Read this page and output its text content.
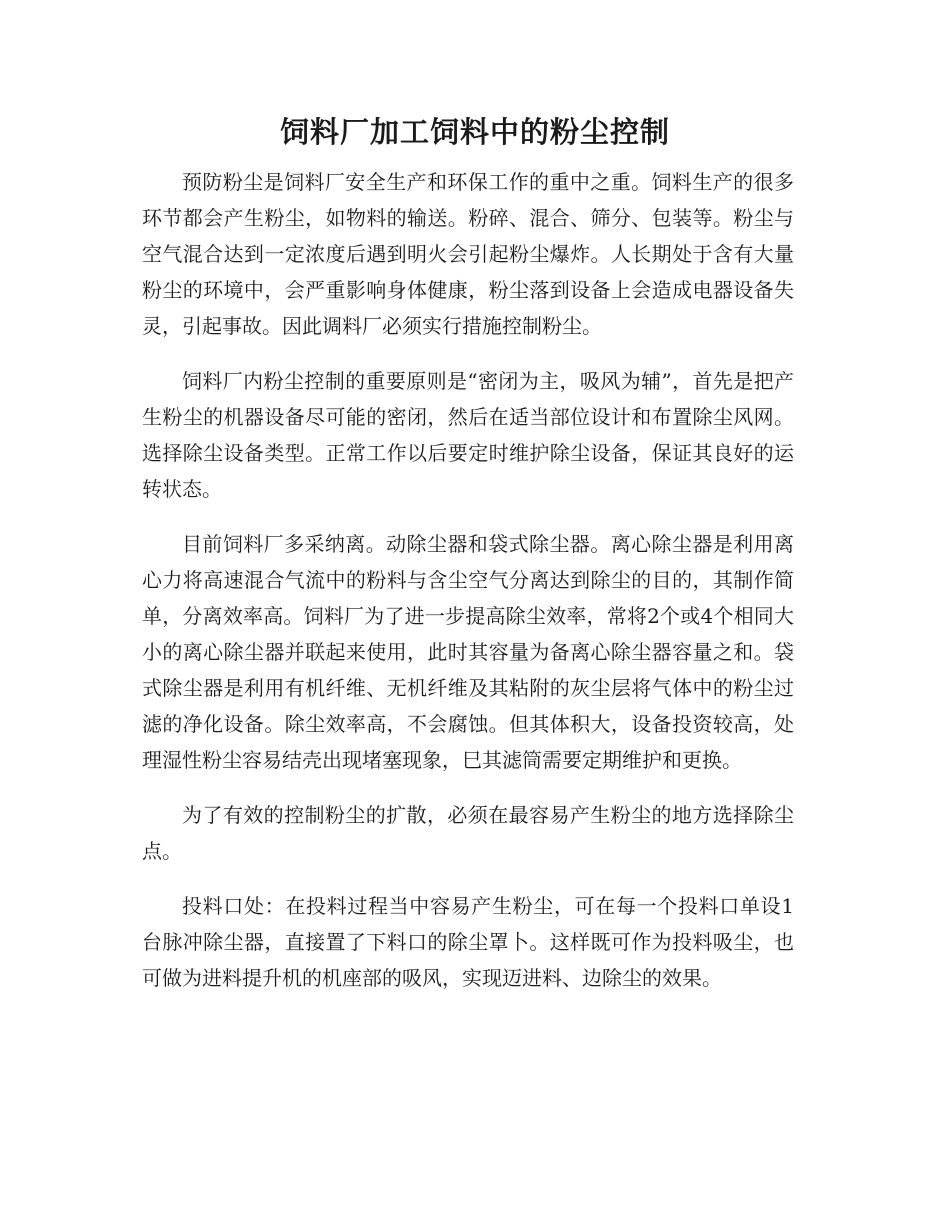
饲料厂加工饲料中的粉尘控制

预防粉尘是饲料厂安全生产和环保工作的重中之重。饲料生产的很多环节都会产生粉尘，如物料的输送。粉碎、混合、筛分、包装等。粉尘与空气混合达到一定浓度后遇到明火会引起粉尘爆炸。人长期处于含有大量粉尘的环境中，会严重影响身体健康，粉尘落到设备上会造成电器设备失灵，引起事故。因此调料厂必须实行措施控制粉尘。

饲料厂内粉尘控制的重要原则是“密闭为主，吸风为辅”，首先是把产生粉尘的机器设备尽可能的密闭，然后在适当部位设计和布置除尘风网。选择除尘设备类型。正常工作以后要定时维护除尘设备，保证其良好的运转状态。

目前饲料厂多采纳离。动除尘器和袋式除尘器。离心除尘器是利用离心力将高速混合气流中的粉料与含尘空气分离达到除尘的目的，其制作简单，分离效率高。饲料厂为了进一步提高除尘效率，常将2个或4个相同大小的离心除尘器并联起来使用，此时其容量为备离心除尘器容量之和。袋式除尘器是利用有机纤维、无机纤维及其粘附的灰尘层将气体中的粉尘过滤的净化设备。除尘效率高，不会腐蚀。但其体积大，设备投资较高，处理湿性粉尘容易结壳出现堵塞现象，巳其滤筒需要定期维护和更换。

为了有效的控制粉尘的扩散，必须在最容易产生粉尘的地方选择除尘点。

投料口处：在投料过程当中容易产生粉尘，可在每一个投料口单设1台脉冲除尘器，直接置了下料口的除尘罩卜。这样既可作为投料吸尘，也可做为进料提升机的机座部的吸风，实现迈进料、边除尘的效果。
